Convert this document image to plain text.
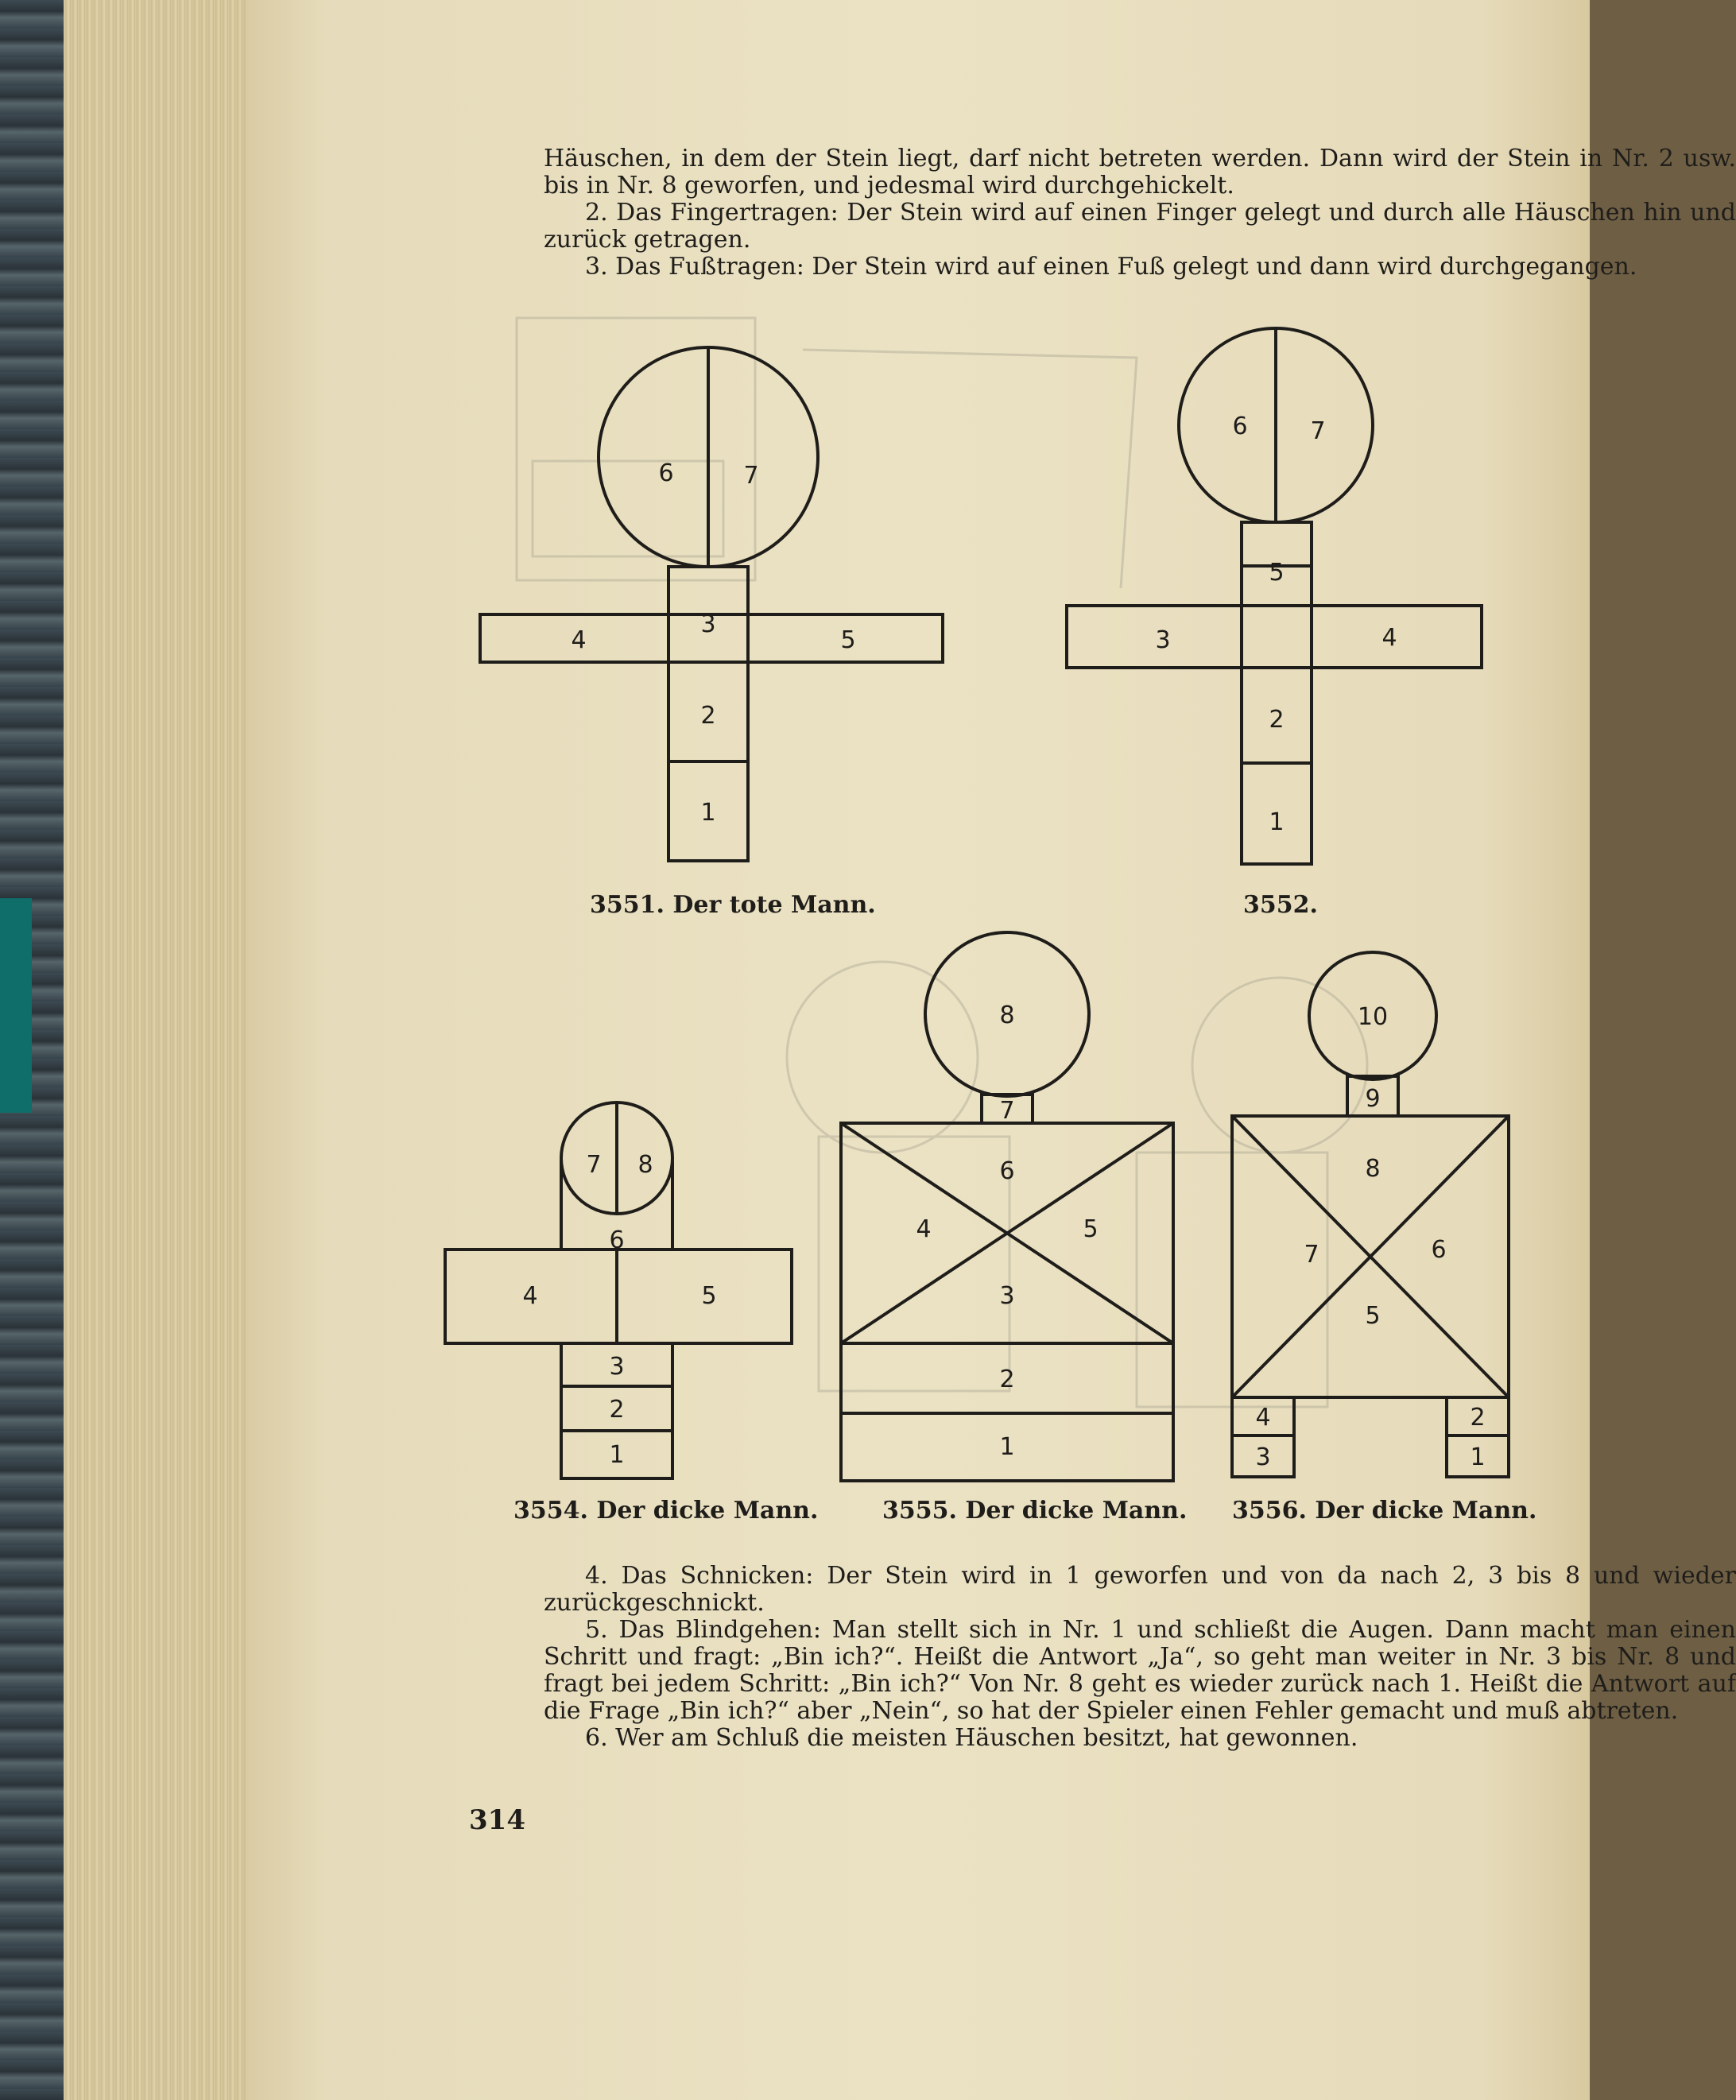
Häuschen, in dem der Stein liegt, darf nicht betreten werden. Dann wird der Stein in Nr. 2 usw. bis in Nr. 8 geworfen, und jedesmal wird durchgehickelt.

2. Das Fingertragen: Der Stein wird auf einen Finger gelegt und durch alle Häuschen hin und zurück getragen.

3. Das Fußtragen: Der Stein wird auf einen Fuß gelegt und dann wird durchgegangen.

6	7
4
3
5
2
1
3551. Der tote Mann.
6	7
5
3	4
2
1
3552.
7 8
6
4	5
3
2
1
3554. Der dicke Mann.
8
7
6
4	5
3
2
1
3555. Der dicke Mann.
10
9
8
7	6
5
4
3
2
1
3556. Der dicke Mann.

4. Das Schnicken: Der Stein wird in 1 geworfen und von da nach 2, 3 bis 8 und wieder zurückgeschnickt.

5. Das Blindgehen: Man stellt sich in Nr. 1 und schließt die Augen. Dann macht man einen Schritt und fragt: „Bin ich?“. Heißt die Antwort „Ja“, so geht man weiter in Nr. 3 bis Nr. 8 und fragt bei jedem Schritt: „Bin ich?“ Von Nr. 8 geht es wieder zurück nach 1. Heißt die Antwort auf die Frage „Bin ich?“ aber „Nein“, so hat der Spieler einen Fehler gemacht und muß abtreten.

6. Wer am Schluß die meisten Häuschen besitzt, hat gewonnen.

314
